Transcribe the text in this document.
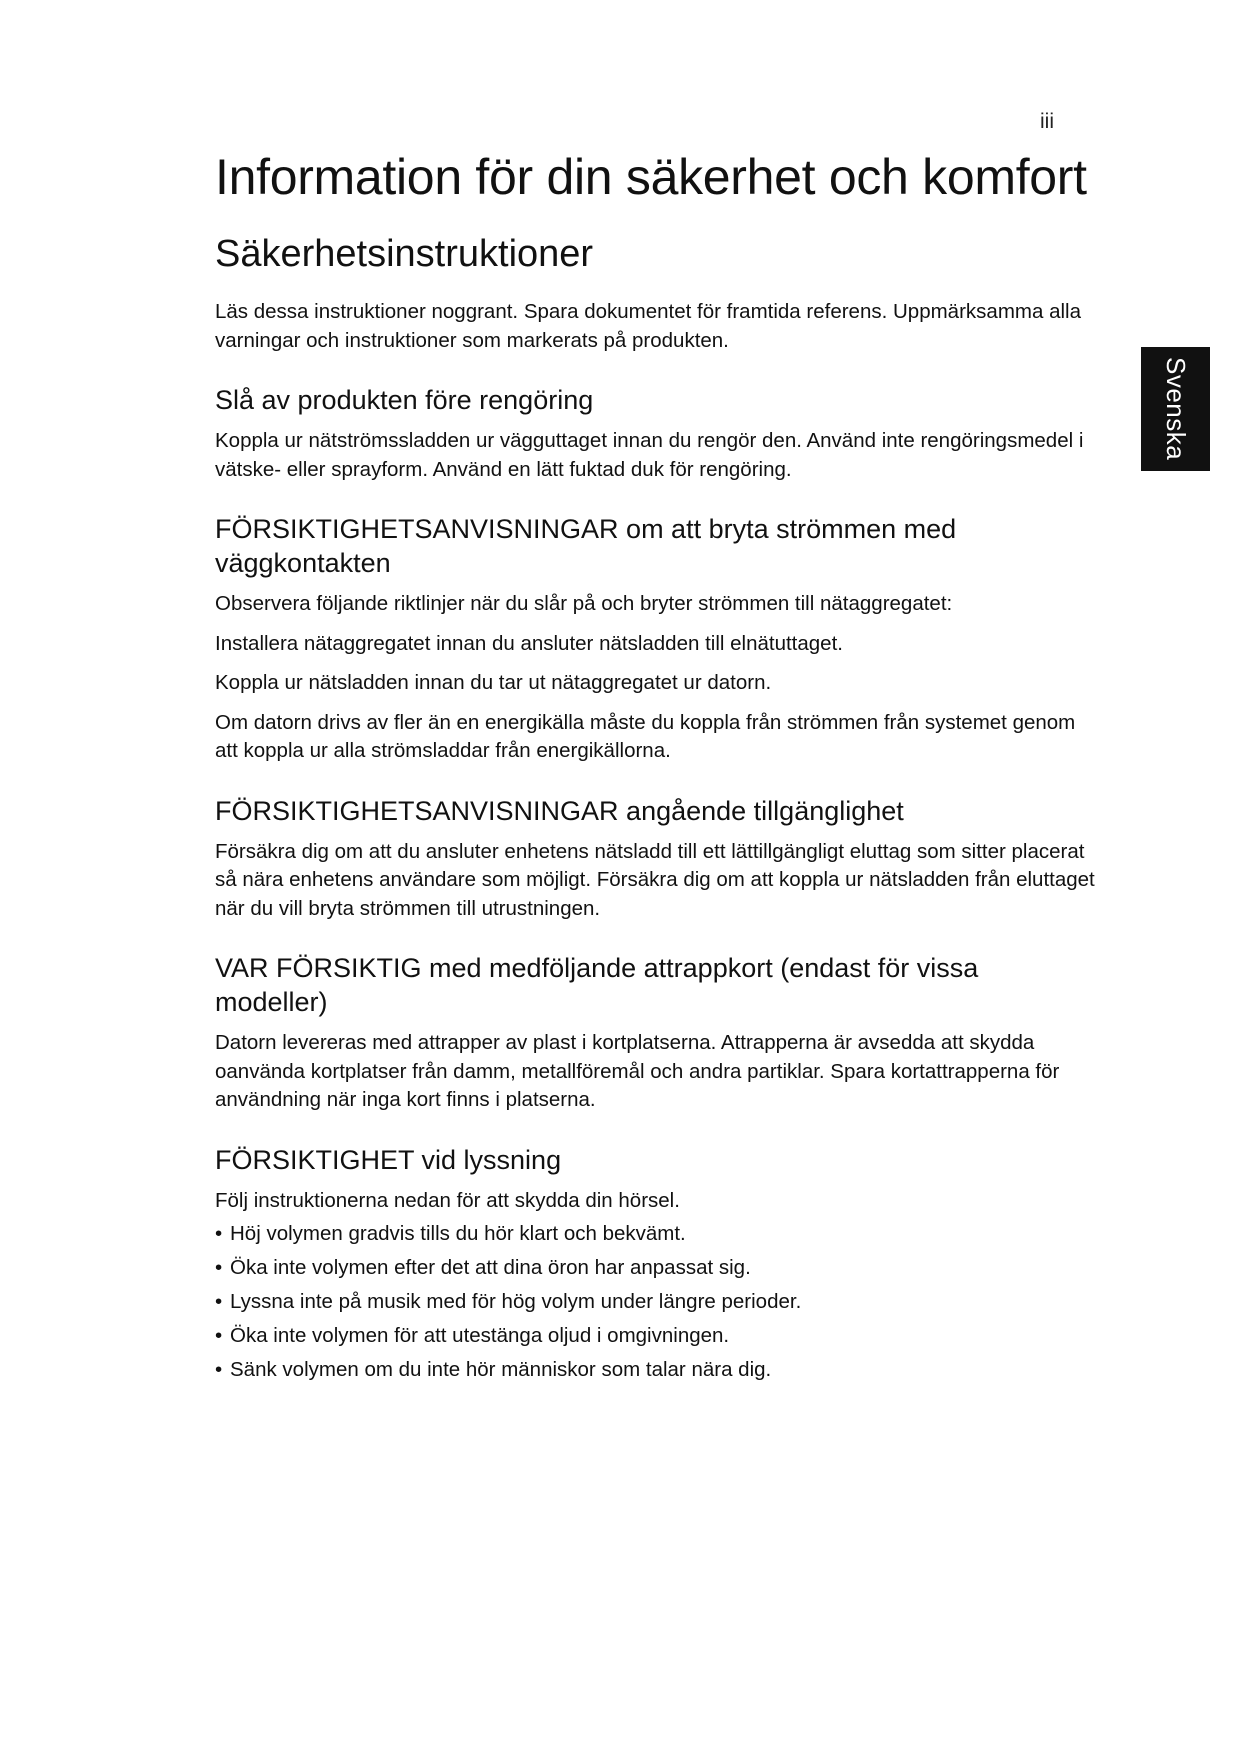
iii
Svenska
Information för din säkerhet och komfort
Säkerhetsinstruktioner

Läs dessa instruktioner noggrant. Spara dokumentet för framtida referens. Uppmärksamma alla varningar och instruktioner som markerats på produkten.

Slå av produkten före rengöring

Koppla ur nätströmssladden ur vägguttaget innan du rengör den. Använd inte rengöringsmedel i vätske- eller sprayform. Använd en lätt fuktad duk för rengöring.

FÖRSIKTIGHETSANVISNINGAR om att bryta strömmen med väggkontakten

Observera följande riktlinjer när du slår på och bryter strömmen till nätaggregatet:

Installera nätaggregatet innan du ansluter nätsladden till elnätuttaget.

Koppla ur nätsladden innan du tar ut nätaggregatet ur datorn.

Om datorn drivs av fler än en energikälla måste du koppla från strömmen från systemet genom att koppla ur alla strömsladdar från energikällorna.

FÖRSIKTIGHETSANVISNINGAR angående tillgänglighet

Försäkra dig om att du ansluter enhetens nätsladd till ett lättillgängligt eluttag som sitter placerat så nära enhetens användare som möjligt. Försäkra dig om att koppla ur nätsladden från eluttaget när du vill bryta strömmen till utrustningen.

VAR FÖRSIKTIG med medföljande attrappkort (endast för vissa modeller)

Datorn levereras med attrapper av plast i kortplatserna. Attrapperna är avsedda att skydda oanvända kortplatser från damm, metallföremål och andra partiklar. Spara kortattrapperna för användning när inga kort finns i platserna.

FÖRSIKTIGHET vid lyssning

Följ instruktionerna nedan för att skydda din hörsel.

• Höj volymen gradvis tills du hör klart och bekvämt.
• Öka inte volymen efter det att dina öron har anpassat sig.
• Lyssna inte på musik med för hög volym under längre perioder.
• Öka inte volymen för att utestänga oljud i omgivningen.
• Sänk volymen om du inte hör människor som talar nära dig.
